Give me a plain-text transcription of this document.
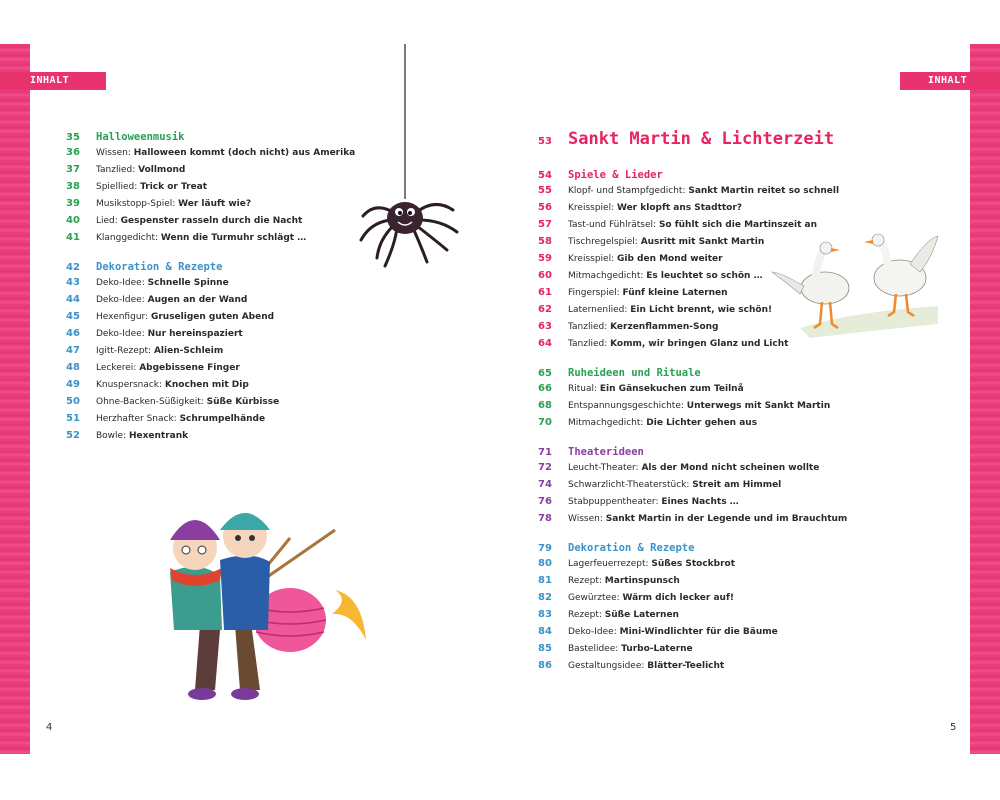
INHALT	INHALT
35 Halloweenmusik
36 Wissen: Halloween kommt (doch nicht) aus Amerika
37 Tanzlied: Vollmond
38 Spiellied: Trick or Treat
39 Musikstopp-Spiel: Wer läuft wie?
40 Lied: Gespenster rasseln durch die Nacht
41 Klanggedicht: Wenn die Turmuhr schlägt …
42 Dekoration & Rezepte
43 Deko-Idee: Schnelle Spinne
44 Deko-Idee: Augen an der Wand
45 Hexenfigur: Gruseligen guten Abend
46 Deko-Idee: Nur hereinspaziert
47 Igitt-Rezept: Alien-Schleim
48 Leckerei: Abgebissene Finger
49 Knuspersnack: Knochen mit Dip
50 Ohne-Backen-Süßigkeit: Süße Kürbisse
51 Herzhafter Snack: Schrumpelhände
52 Bowle: Hexentrank
53 Sankt Martin & Lichterzeit
54 Spiele & Lieder
55 Klopf- und Stampfgedicht: Sankt Martin reitet so schnell
56 Kreisspiel: Wer klopft ans Stadttor?
57 Tast-und Fühlrätsel: So fühlt sich die Martinszeit an
58 Tischregelspiel: Ausritt mit Sankt Martin
59 Kreisspiel: Gib den Mond weiter
60 Mitmachgedicht: Es leuchtet so schön …
61 Fingerspiel: Fünf kleine Laternen
62 Laternenlied: Ein Licht brennt, wie schön!
63 Tanzlied: Kerzenflammen-Song
64 Tanzlied: Komm, wir bringen Glanz und Licht
65 Ruheideen und Rituale
66 Ritual: Ein Gänsekuchen zum Teilnå
68 Entspannungsgeschichte: Unterwegs mit Sankt Martin
70 Mitmachgedicht: Die Lichter gehen aus
71 Theaterideen
72 Leucht-Theater: Als der Mond nicht scheinen wollte
74 Schwarzlicht-Theaterstück: Streit am Himmel
76 Stabpuppentheater: Eines Nachts …
78 Wissen: Sankt Martin in der Legende und im Brauchtum
79 Dekoration & Rezepte
80 Lagerfeuerrezept: Süßes Stockbrot
81 Rezept: Martinspunsch
82 Gewürztee: Wärm dich lecker auf!
83 Rezept: Süße Laternen
84 Deko-Idee: Mini-Windlichter für die Bäume
85 Bastelidee: Turbo-Laterne
86 Gestaltungsidee: Blätter-Teelicht
4	5
